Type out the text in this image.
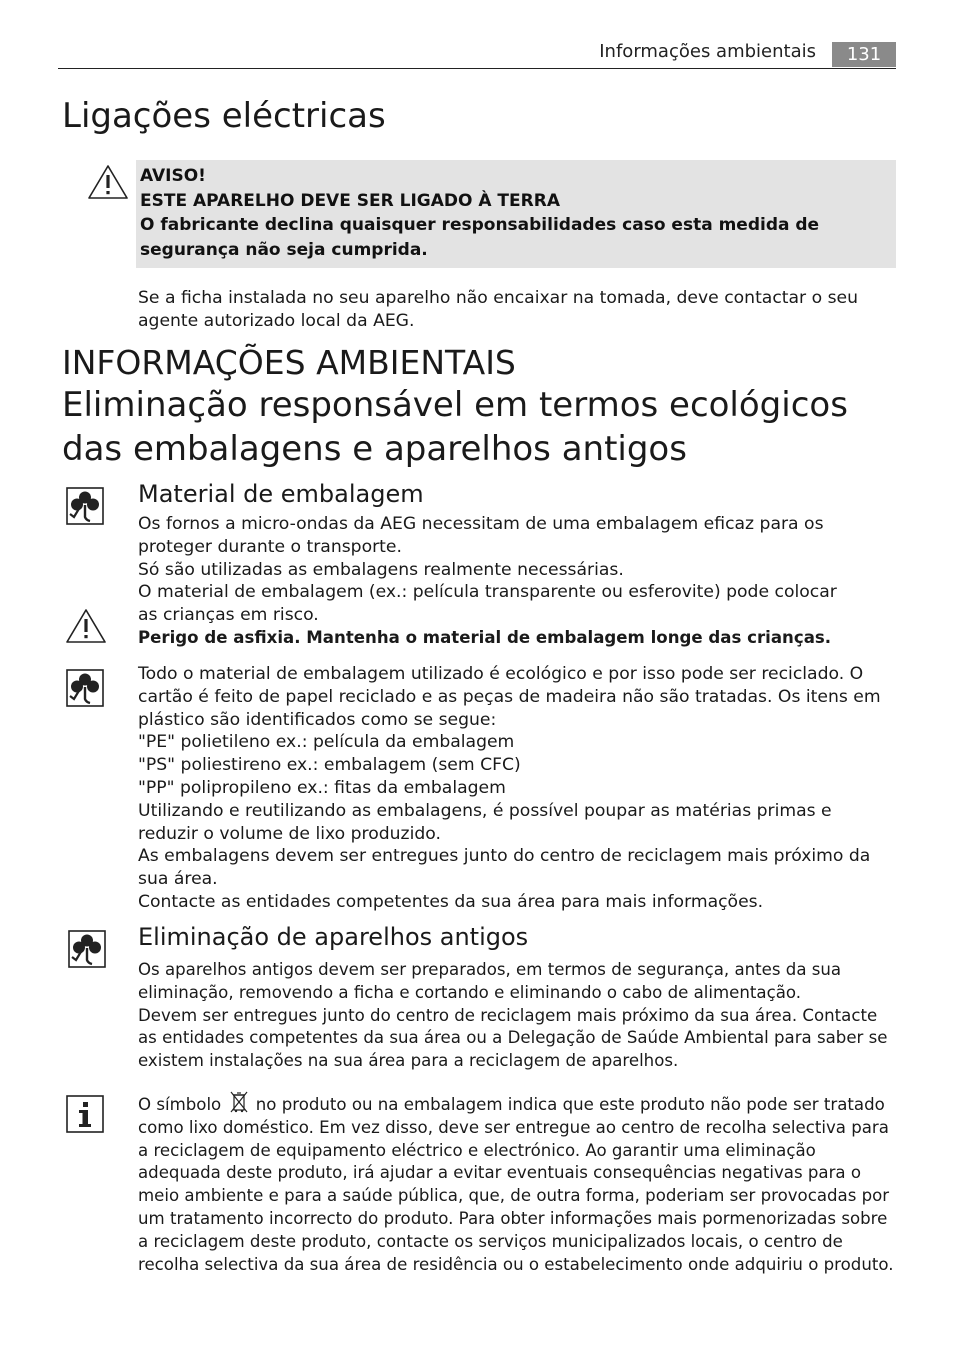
Informações ambientais	131
Ligações eléctricas

AVISO!

ESTE APARELHO DEVE SER LIGADO À TERRA

O fabricante declina quaisquer responsabilidades caso esta medida de segurança não seja cumprida.

Se a ficha instalada no seu aparelho não encaixar na tomada, deve contactar o seu agente autorizado local da AEG.

INFORMAÇÕES AMBIENTAIS
Eliminação responsável em termos ecológicos das embalagens e aparelhos antigos
Material de embalagem

Os fornos a micro-ondas da AEG necessitam de uma embalagem eficaz para os proteger durante o transporte.

Só são utilizadas as embalagens realmente necessárias.

O material de embalagem (ex.: película transparente ou esferovite) pode colocar as crianças em risco.

Perigo de asfixia. Mantenha o material de embalagem longe das crianças.

Todo o material de embalagem utilizado é ecológico e por isso pode ser reciclado. O cartão é feito de papel reciclado e as peças de madeira não são tratadas. Os itens em plástico são identificados como se segue:

"PE" polietileno ex.: película da embalagem

"PS" poliestireno ex.: embalagem (sem CFC)

"PP" polipropileno ex.: fitas da embalagem

Utilizando e reutilizando as embalagens, é possível poupar as matérias primas e reduzir o volume de lixo produzido.

As embalagens devem ser entregues junto do centro de reciclagem mais próximo da sua área.

Contacte as entidades competentes da sua área para mais informações.

Eliminação de aparelhos antigos

Os aparelhos antigos devem ser preparados, em termos de segurança, antes da sua eliminação, removendo a ficha e cortando e eliminando o cabo de alimentação.

Devem ser entregues junto do centro de reciclagem mais próximo da sua área. Contacte as entidades competentes da sua área ou a Delegação de Saúde Ambiental para saber se existem instalações na sua área para a reciclagem de aparelhos.

O símbolo no produto ou na embalagem indica que este produto não pode ser tratado como lixo doméstico. Em vez disso, deve ser entregue ao centro de recolha selectiva para a reciclagem de equipamento eléctrico e electrónico. Ao garantir uma eliminação adequada deste produto, irá ajudar a evitar eventuais consequências negativas para o meio ambiente e para a saúde pública, que, de outra forma, poderiam ser provocadas por um tratamento incorrecto do produto. Para obter informações mais pormenorizadas sobre a reciclagem deste produto, contacte os serviços municipalizados locais, o centro de recolha selectiva da sua área de residência ou o estabelecimento onde adquiriu o produto.
